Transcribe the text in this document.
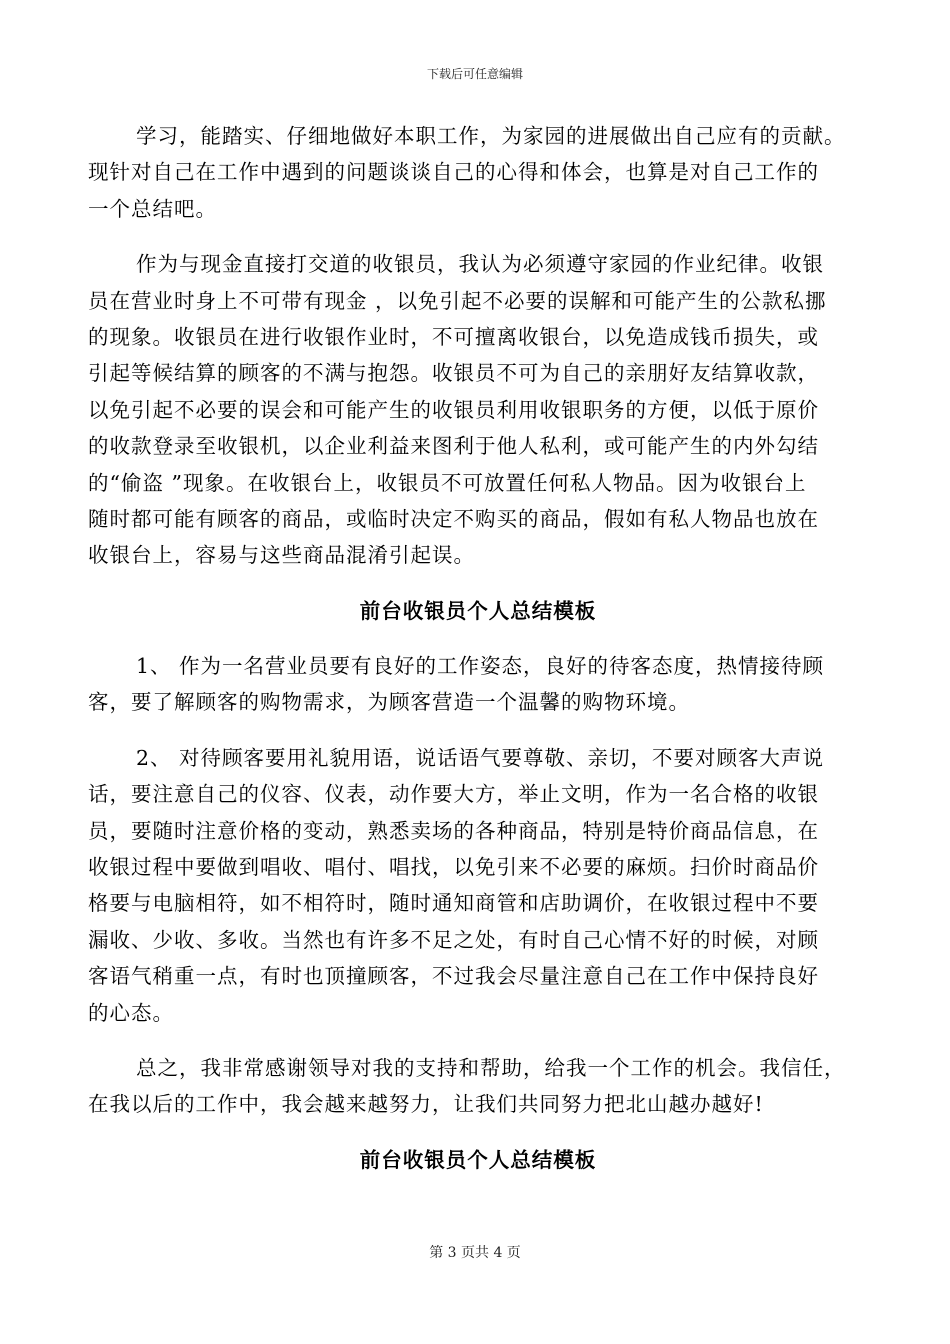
下载后可任意编辑
学习，能踏实、仔细地做好本职工作，为家园的进展做出自己应有的贡献。
现针对自己在工作中遇到的问题谈谈自己的心得和体会，也算是对自己工作的
一个总结吧。
作为与现金直接打交道的收银员，我认为必须遵守家园的作业纪律。收银
员在营业时身上不可带有现金 ，以免引起不必要的误解和可能产生的公款私挪
的现象。收银员在进行收银作业时，不可擅离收银台，以免造成钱币损失，或
引起等候结算的顾客的不满与抱怨。收银员不可为自己的亲朋好友结算收款，
以免引起不必要的误会和可能产生的收银员利用收银职务的方便，以低于原价
的收款登录至收银机，以企业利益来图利于他人私利，或可能产生的内外勾结
的“偷盗 ”现象。在收银台上，收银员不可放置任何私人物品。因为收银台上
随时都可能有顾客的商品，或临时决定不购买的商品，假如有私人物品也放在
收银台上，容易与这些商品混淆引起误。
前台收银员个人总结模板
1、 作为一名营业员要有良好的工作姿态，良好的待客态度，热情接待顾
客，要了解顾客的购物需求，为顾客营造一个温馨的购物环境。
2、 对待顾客要用礼貌用语，说话语气要尊敬、亲切，不要对顾客大声说
话，要注意自己的仪容、仪表，动作要大方，举止文明，作为一名合格的收银
员，要随时注意价格的变动，熟悉卖场的各种商品，特别是特价商品信息，在
收银过程中要做到唱收、唱付、唱找，以免引来不必要的麻烦。扫价时商品价
格要与电脑相符，如不相符时，随时通知商管和店助调价，在收银过程中不要
漏收、少收、多收。当然也有许多不足之处，有时自己心情不好的时候，对顾
客语气稍重一点，有时也顶撞顾客，不过我会尽量注意自己在工作中保持良好
的心态。
总之，我非常感谢领导对我的支持和帮助，给我一个工作的机会。我信任，
在我以后的工作中，我会越来越努力，让我们共同努力把北山越办越好!
前台收银员个人总结模板
第 3 页共 4 页
